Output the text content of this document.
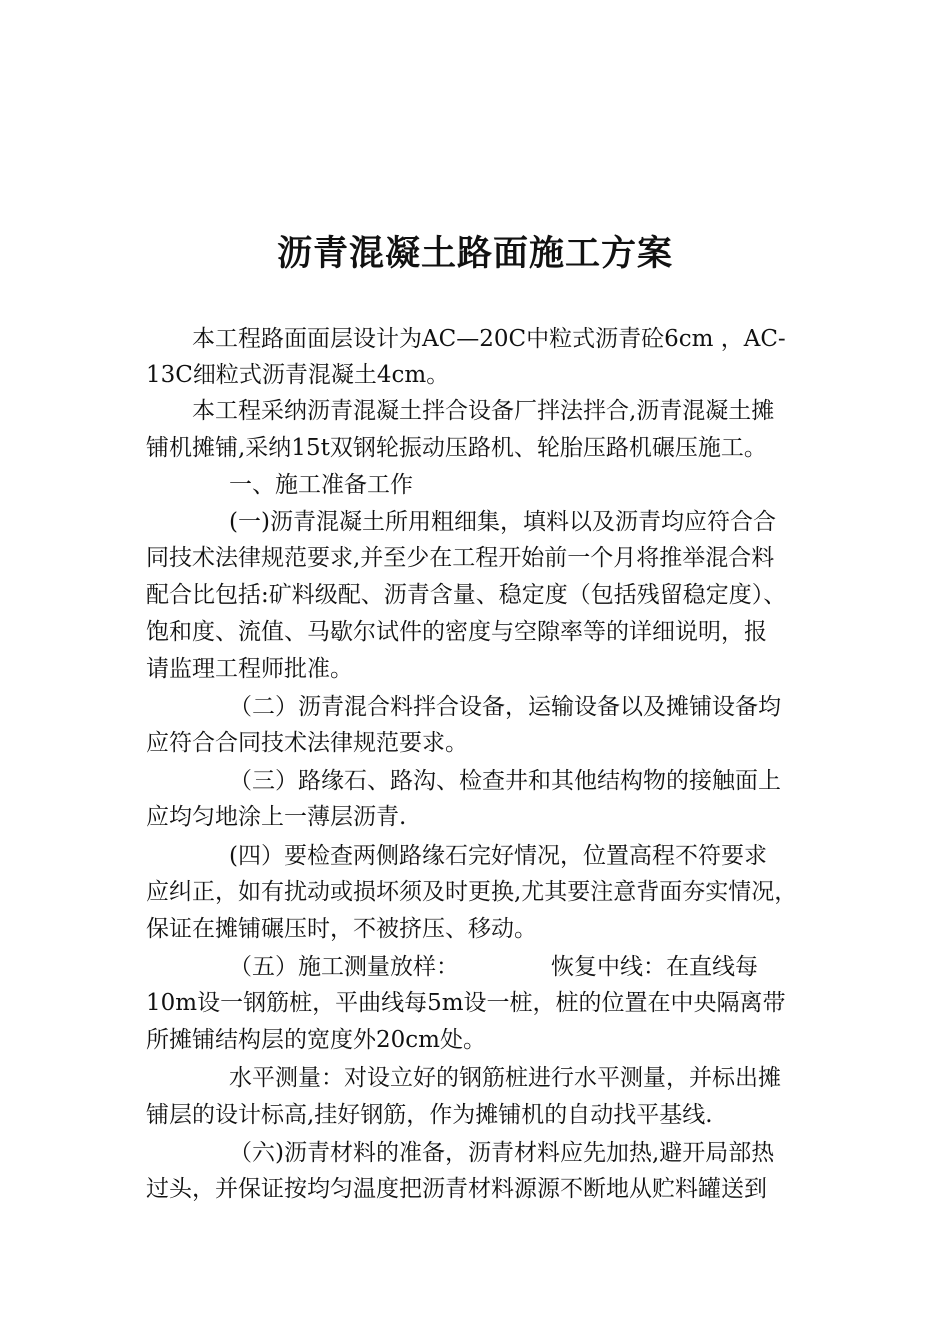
沥青混凝土路面施工方案
本工程路面面层设计为AC—20C中粒式沥青砼6cm ，AC-
13C细粒式沥青混凝土4cm。
本工程采纳沥青混凝土拌合设备厂拌法拌合,沥青混凝土摊
铺机摊铺,采纳15t双钢轮振动压路机、轮胎压路机碾压施工。
一、施工准备工作
(一)沥青混凝土所用粗细集，填料以及沥青均应符合合
同技术法律规范要求,并至少在工程开始前一个月将推举混合料
配合比包括:矿料级配、沥青含量、稳定度（包括残留稳定度）、
饱和度、流值、马歇尔试件的密度与空隙率等的详细说明，报
请监理工程师批准。
（二）沥青混合料拌合设备，运输设备以及摊铺设备均
应符合合同技术法律规范要求。
（三）路缘石、路沟、检查井和其他结构物的接触面上
应均匀地涂上一薄层沥青.
(四）要检查两侧路缘石完好情况，位置高程不符要求
应纠正，如有扰动或损坏须及时更换,尤其要注意背面夯实情况，
保证在摊铺碾压时，不被挤压、移动。
（五）施工测量放样：	恢复中线：在直线每
10m设一钢筋桩，平曲线每5m设一桩，桩的位置在中央隔离带
所摊铺结构层的宽度外20cm处。
水平测量：对设立好的钢筋桩进行水平测量，并标出摊
铺层的设计标高,挂好钢筋，作为摊铺机的自动找平基线.
（六)沥青材料的准备，沥青材料应先加热,避开局部热
过头，并保证按均匀温度把沥青材料源源不断地从贮料罐送到
